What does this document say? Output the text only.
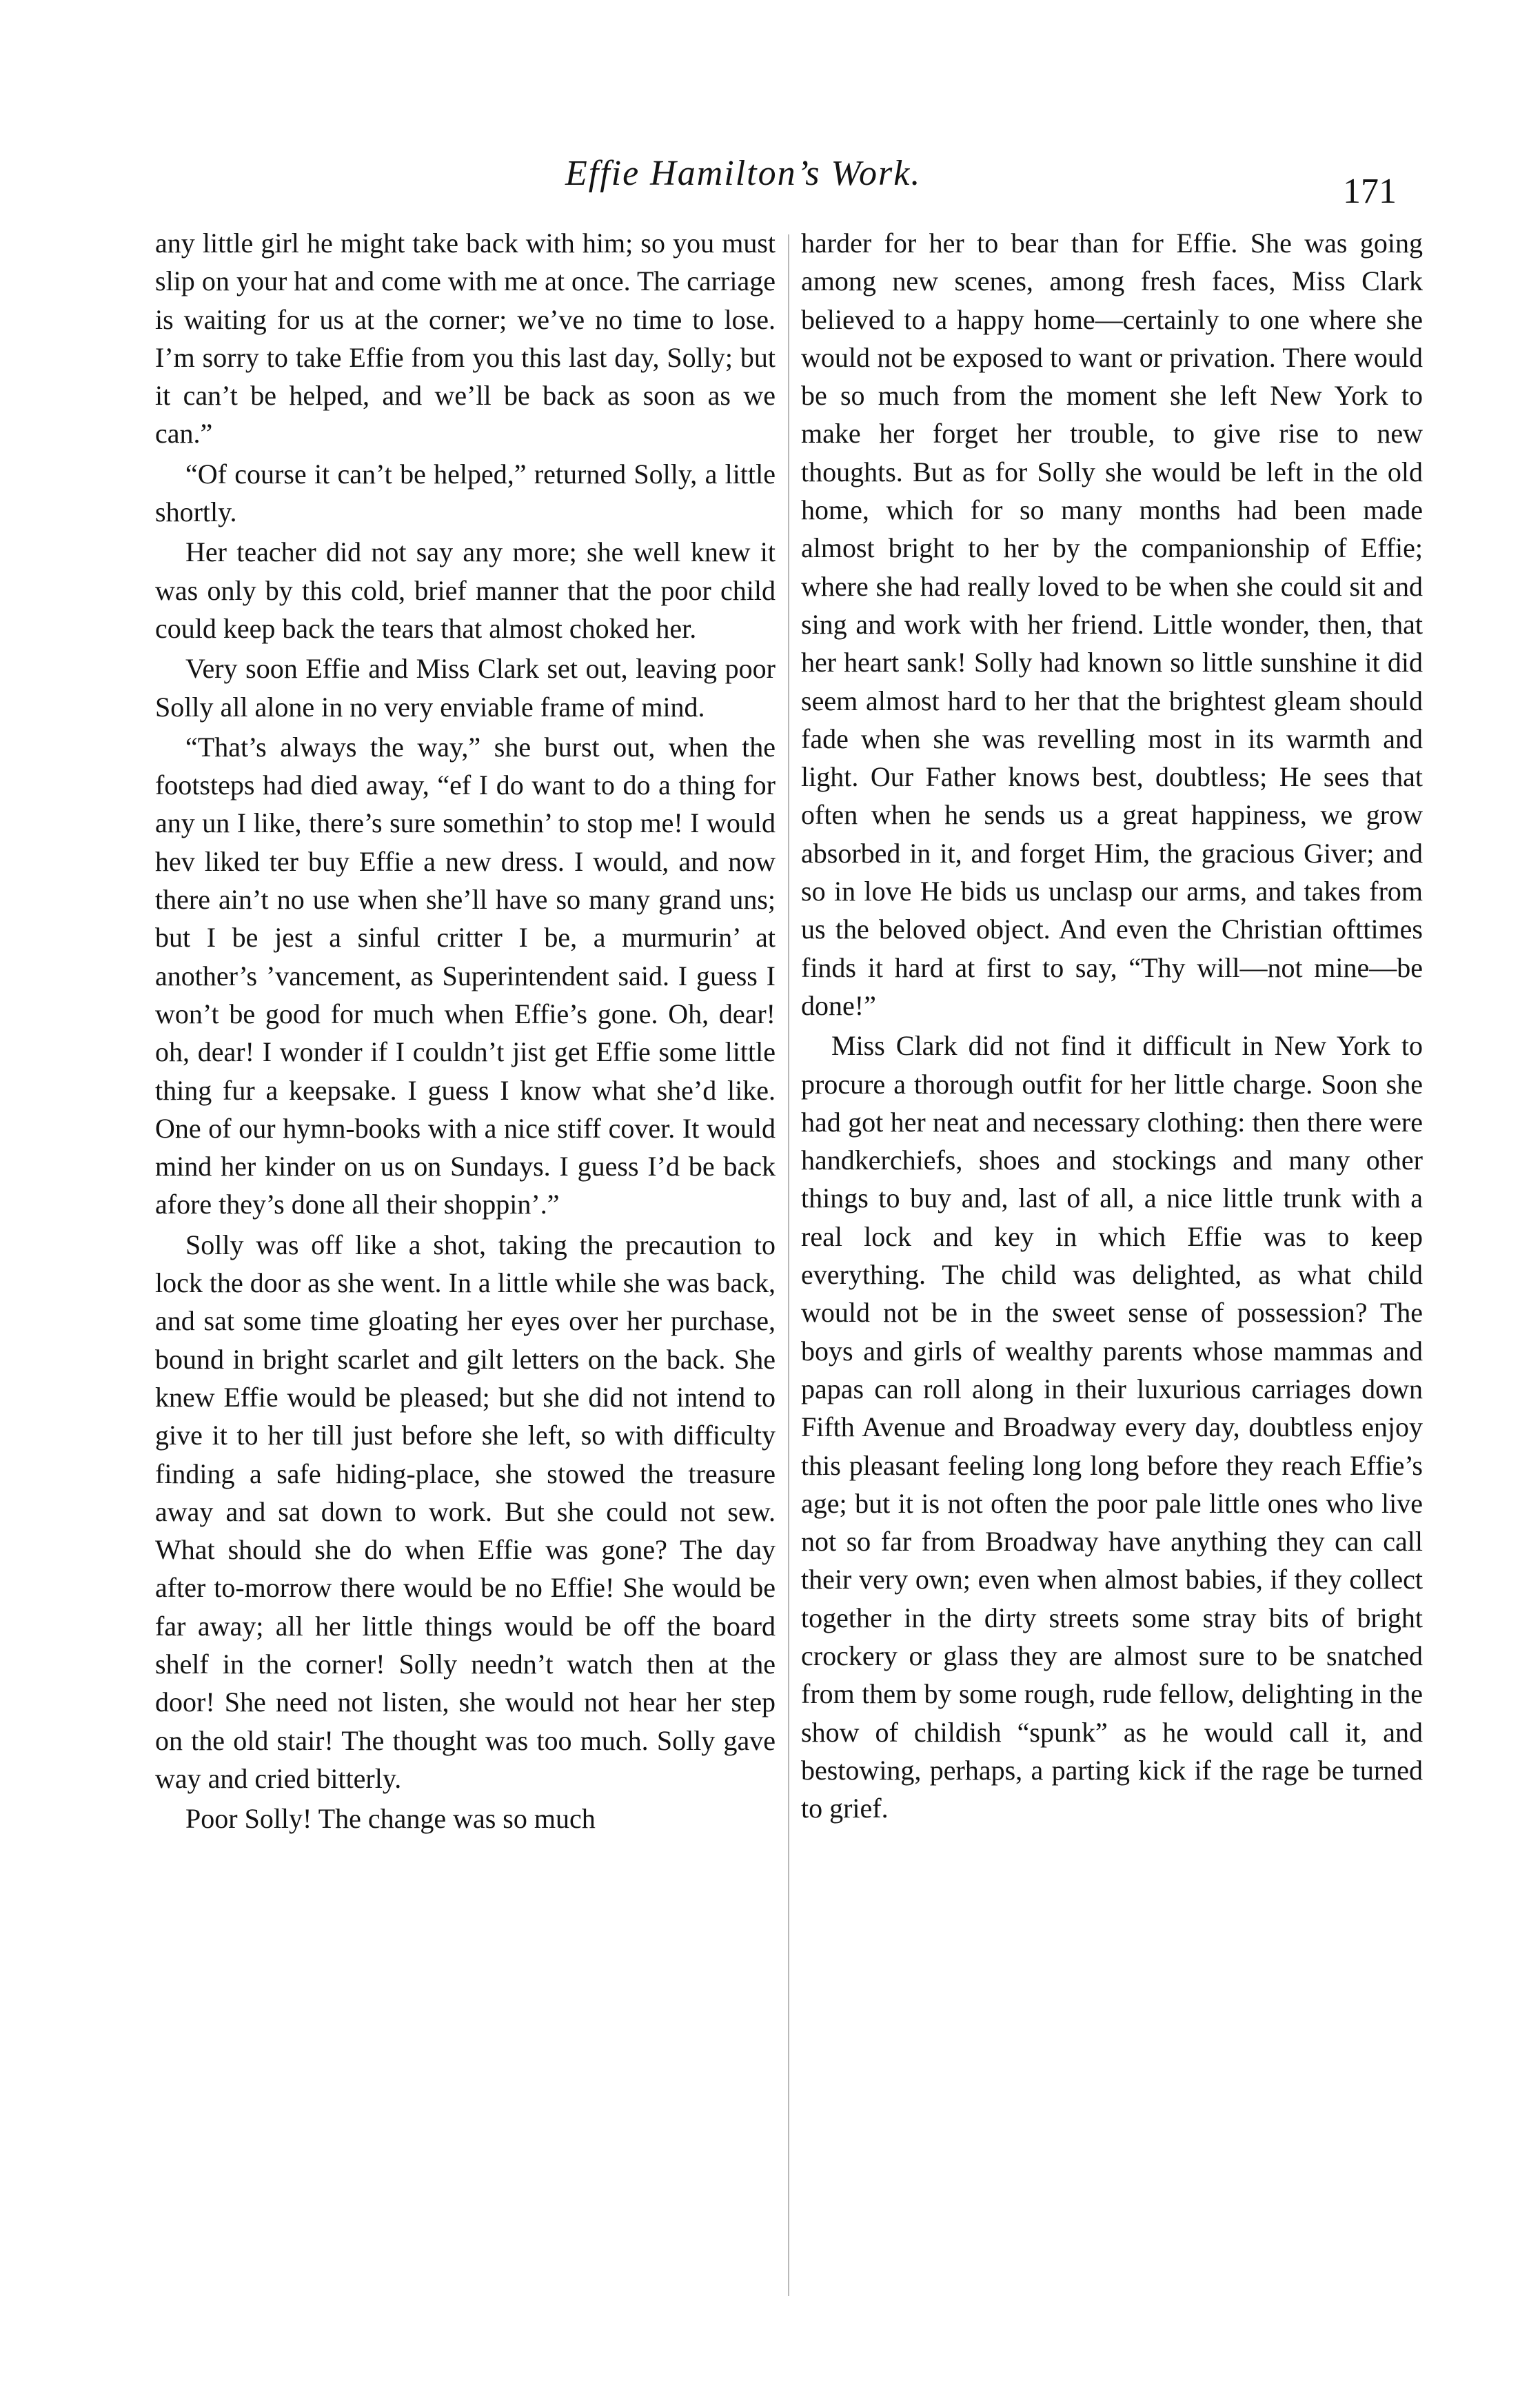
Effie Hamilton’s Work.	171

any little girl he might take back with him; so you must slip on your hat and come with me at once. The carriage is waiting for us at the corner; we’ve no time to lose. I’m sorry to take Effie from you this last day, Solly; but it can’t be helped, and we’ll be back as soon as we can.”

“Of course it can’t be helped,” returned Solly, a little shortly.

Her teacher did not say any more; she well knew it was only by this cold, brief manner that the poor child could keep back the tears that almost choked her.

Very soon Effie and Miss Clark set out, leaving poor Solly all alone in no very enviable frame of mind.

“That’s always the way,” she burst out, when the footsteps had died away, “ef I do want to do a thing for any un I like, there’s sure somethin’ to stop me! I would hev liked ter buy Effie a new dress. I would, and now there ain’t no use when she’ll have so many grand uns; but I be jest a sinful critter I be, a murmurin’ at another’s ’vancement, as Superintendent said. I guess I won’t be good for much when Effie’s gone. Oh, dear! oh, dear! I wonder if I couldn’t jist get Effie some little thing fur a keepsake. I guess I know what she’d like. One of our hymn-books with a nice stiff cover. It would mind her kinder on us on Sundays. I guess I’d be back afore they’s done all their shoppin’.”

Solly was off like a shot, taking the precaution to lock the door as she went. In a little while she was back, and sat some time gloating her eyes over her purchase, bound in bright scarlet and gilt letters on the back. She knew Effie would be pleased; but she did not intend to give it to her till just before she left, so with difficulty finding a safe hiding-place, she stowed the treasure away and sat down to work. But she could not sew. What should she do when Effie was gone? The day after to-morrow there would be no Effie! She would be far away; all her little things would be off the board shelf in the corner! Solly needn’t watch then at the door! She need not listen, she would not hear her step on the old stair! The thought was too much. Solly gave way and cried bitterly.

Poor Solly! The change was so much

harder for her to bear than for Effie. She was going among new scenes, among fresh faces, Miss Clark believed to a happy home—certainly to one where she would not be exposed to want or privation. There would be so much from the moment she left New York to make her forget her trouble, to give rise to new thoughts. But as for Solly she would be left in the old home, which for so many months had been made almost bright to her by the companionship of Effie; where she had really loved to be when she could sit and sing and work with her friend. Little wonder, then, that her heart sank! Solly had known so little sunshine it did seem almost hard to her that the brightest gleam should fade when she was revelling most in its warmth and light. Our Father knows best, doubtless; He sees that often when he sends us a great happiness, we grow absorbed in it, and forget Him, the gracious Giver; and so in love He bids us unclasp our arms, and takes from us the beloved object. And even the Christian ofttimes finds it hard at first to say, “Thy will—not mine—be done!”

Miss Clark did not find it difficult in New York to procure a thorough outfit for her little charge. Soon she had got her neat and necessary clothing: then there were handkerchiefs, shoes and stockings and many other things to buy and, last of all, a nice little trunk with a real lock and key in which Effie was to keep everything. The child was delighted, as what child would not be in the sweet sense of possession? The boys and girls of wealthy parents whose mammas and papas can roll along in their luxurious carriages down Fifth Avenue and Broadway every day, doubtless enjoy this pleasant feeling long long before they reach Effie’s age; but it is not often the poor pale little ones who live not so far from Broadway have anything they can call their very own; even when almost babies, if they collect together in the dirty streets some stray bits of bright crockery or glass they are almost sure to be snatched from them by some rough, rude fellow, delighting in the show of childish “spunk” as he would call it, and bestowing, perhaps, a parting kick if the rage be turned to grief.
